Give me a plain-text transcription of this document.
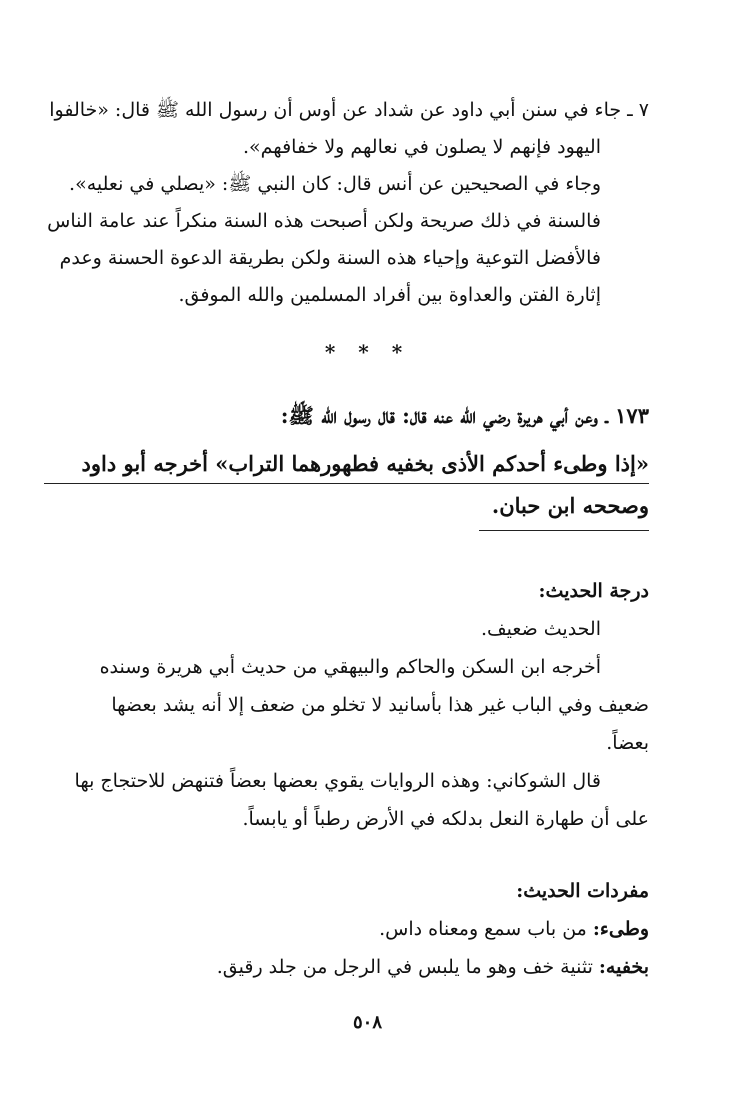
٧ ـ جاء في سنن أبي داود عن شداد عن أوس أن رسول الله ﷺ قال: «خالفوا

اليهود فإنهم لا يصلون في نعالهم ولا خفافهم».

وجاء في الصحيحين عن أنس قال: كان النبي ﷺ: «يصلي في نعليه».

فالسنة في ذلك صريحة ولكن أصبحت هذه السنة منكراً عند عامة الناس

فالأفضل التوعية وإحياء هذه السنة ولكن بطريقة الدعوة الحسنة وعدم

إثارة الفتن والعداوة بين أفراد المسلمين والله الموفق.

* * *

١٧٣ ـ وعن أبي هريرة رضي الله عنه قال: قال رسول الله ﷺ:

«إذا وطىء أحدكم الأذى بخفيه فطهورهما التراب» أخرجه أبو داود

وصححه ابن حبان.

درجة الحديث:

الحديث ضعيف.

أخرجه ابن السكن والحاكم والبيهقي من حديث أبي هريرة وسنده

ضعيف وفي الباب غير هذا بأسانيد لا تخلو من ضعف إلا أنه يشد بعضها

بعضاً.

قال الشوكاني: وهذه الروايات يقوي بعضها بعضاً فتنهض للاحتجاج بها

على أن طهارة النعل بدلكه في الأرض رطباً أو يابساً.

مفردات الحديث:

وطىء: من باب سمع ومعناه داس.

بخفيه: تثنية خف وهو ما يلبس في الرجل من جلد رقيق.

٥٠٨
